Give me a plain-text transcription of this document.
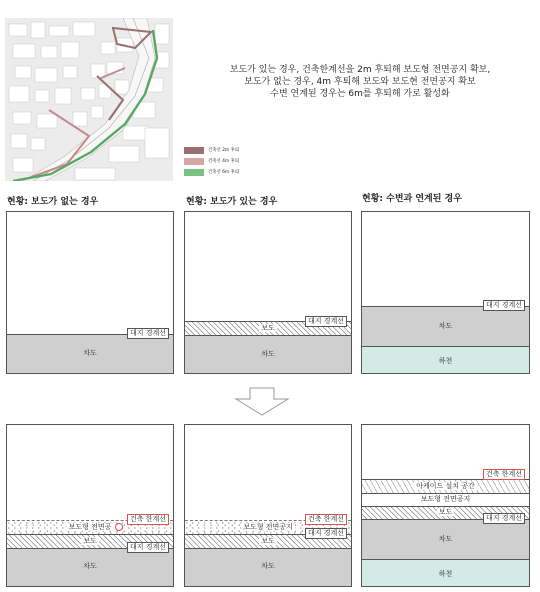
보도가 있는 경우, 건축한계선을 2m 후퇴해 보도형 전면공지 확보,
보도가 없는 경우, 4m 후퇴해 보도와 보도현 전면공지 확보
수변 연계된 경우는 6m를 후퇴해 가로 활성화
건축선 2m 후퇴
건축선 4m 후퇴
건축선 6m 후퇴
현황: 보도가 없는 경우	현황: 보도가 있는 경우	현황: 수변과 연계된 경우
차도
대지 경계선
보도
차도
대지 경계선
차도
하천
대지 경계선
보도형 전면공
보도
차도
건축 한계선
대지 경계선
보도형 전면공지
보도
차도
건축 한계선
대지 경계선
아케이드 설치 공간
보도형 전면공지
보도
차도
하천
건축 한계선
대지 경계선
